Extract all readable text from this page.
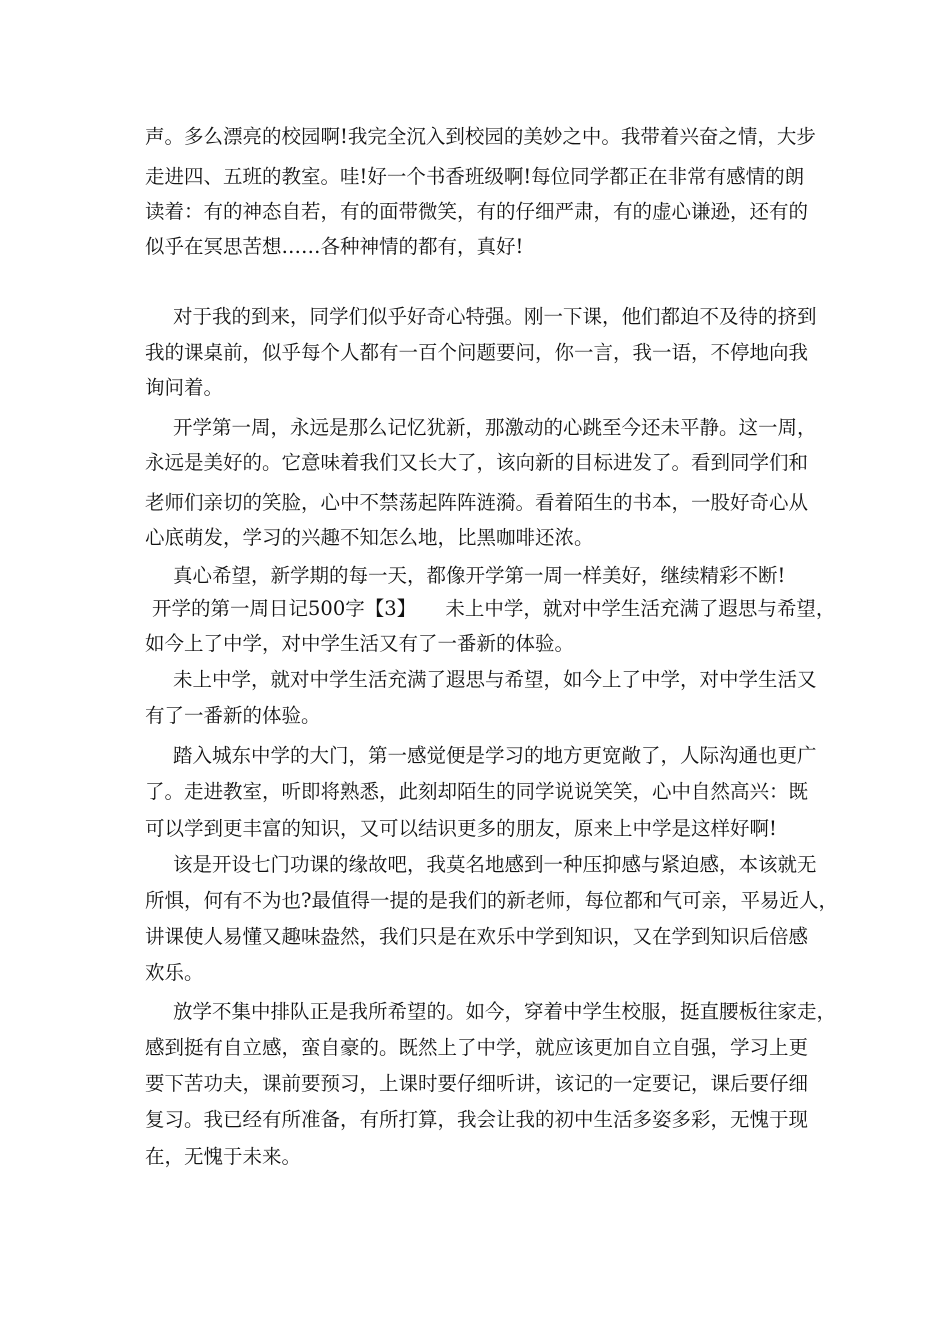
声。多么漂亮的校园啊!我完全沉入到校园的美妙之中。我带着兴奋之情，大步
走进四、五班的教室。哇!好一个书香班级啊!每位同学都正在非常有感情的朗
读着：有的神态自若，有的面带微笑，有的仔细严肃，有的虚心谦逊，还有的
似乎在冥思苦想……各种神情的都有，真好!
对于我的到来，同学们似乎好奇心特强。刚一下课，他们都迫不及待的挤到
我的课桌前，似乎每个人都有一百个问题要问，你一言，我一语，不停地向我
询问着。
开学第一周，永远是那么记忆犹新，那激动的心跳至今还未平静。这一周，
永远是美好的。它意味着我们又长大了，该向新的目标进发了。看到同学们和
老师们亲切的笑脸，心中不禁荡起阵阵涟漪。看着陌生的书本，一股好奇心从
心底萌发，学习的兴趣不知怎么地，比黑咖啡还浓。
真心希望，新学期的每一天，都像开学第一周一样美好，继续精彩不断!
开学的第一周日记500字【3】　　未上中学，就对中学生活充满了遐思与希望，
如今上了中学，对中学生活又有了一番新的体验。
未上中学，就对中学生活充满了遐思与希望，如今上了中学，对中学生活又
有了一番新的体验。
踏入城东中学的大门，第一感觉便是学习的地方更宽敞了，人际沟通也更广
了。走进教室，听即将熟悉，此刻却陌生的同学说说笑笑，心中自然高兴：既
可以学到更丰富的知识，又可以结识更多的朋友，原来上中学是这样好啊!
该是开设七门功课的缘故吧，我莫名地感到一种压抑感与紧迫感，本该就无
所惧，何有不为也?最值得一提的是我们的新老师，每位都和气可亲，平易近人，
讲课使人易懂又趣味盎然，我们只是在欢乐中学到知识，又在学到知识后倍感
欢乐。
放学不集中排队正是我所希望的。如今，穿着中学生校服，挺直腰板往家走，
感到挺有自立感，蛮自豪的。既然上了中学，就应该更加自立自强，学习上更
要下苦功夫，课前要预习，上课时要仔细听讲，该记的一定要记，课后要仔细
复习。我已经有所准备，有所打算，我会让我的初中生活多姿多彩，无愧于现
在，无愧于未来。
